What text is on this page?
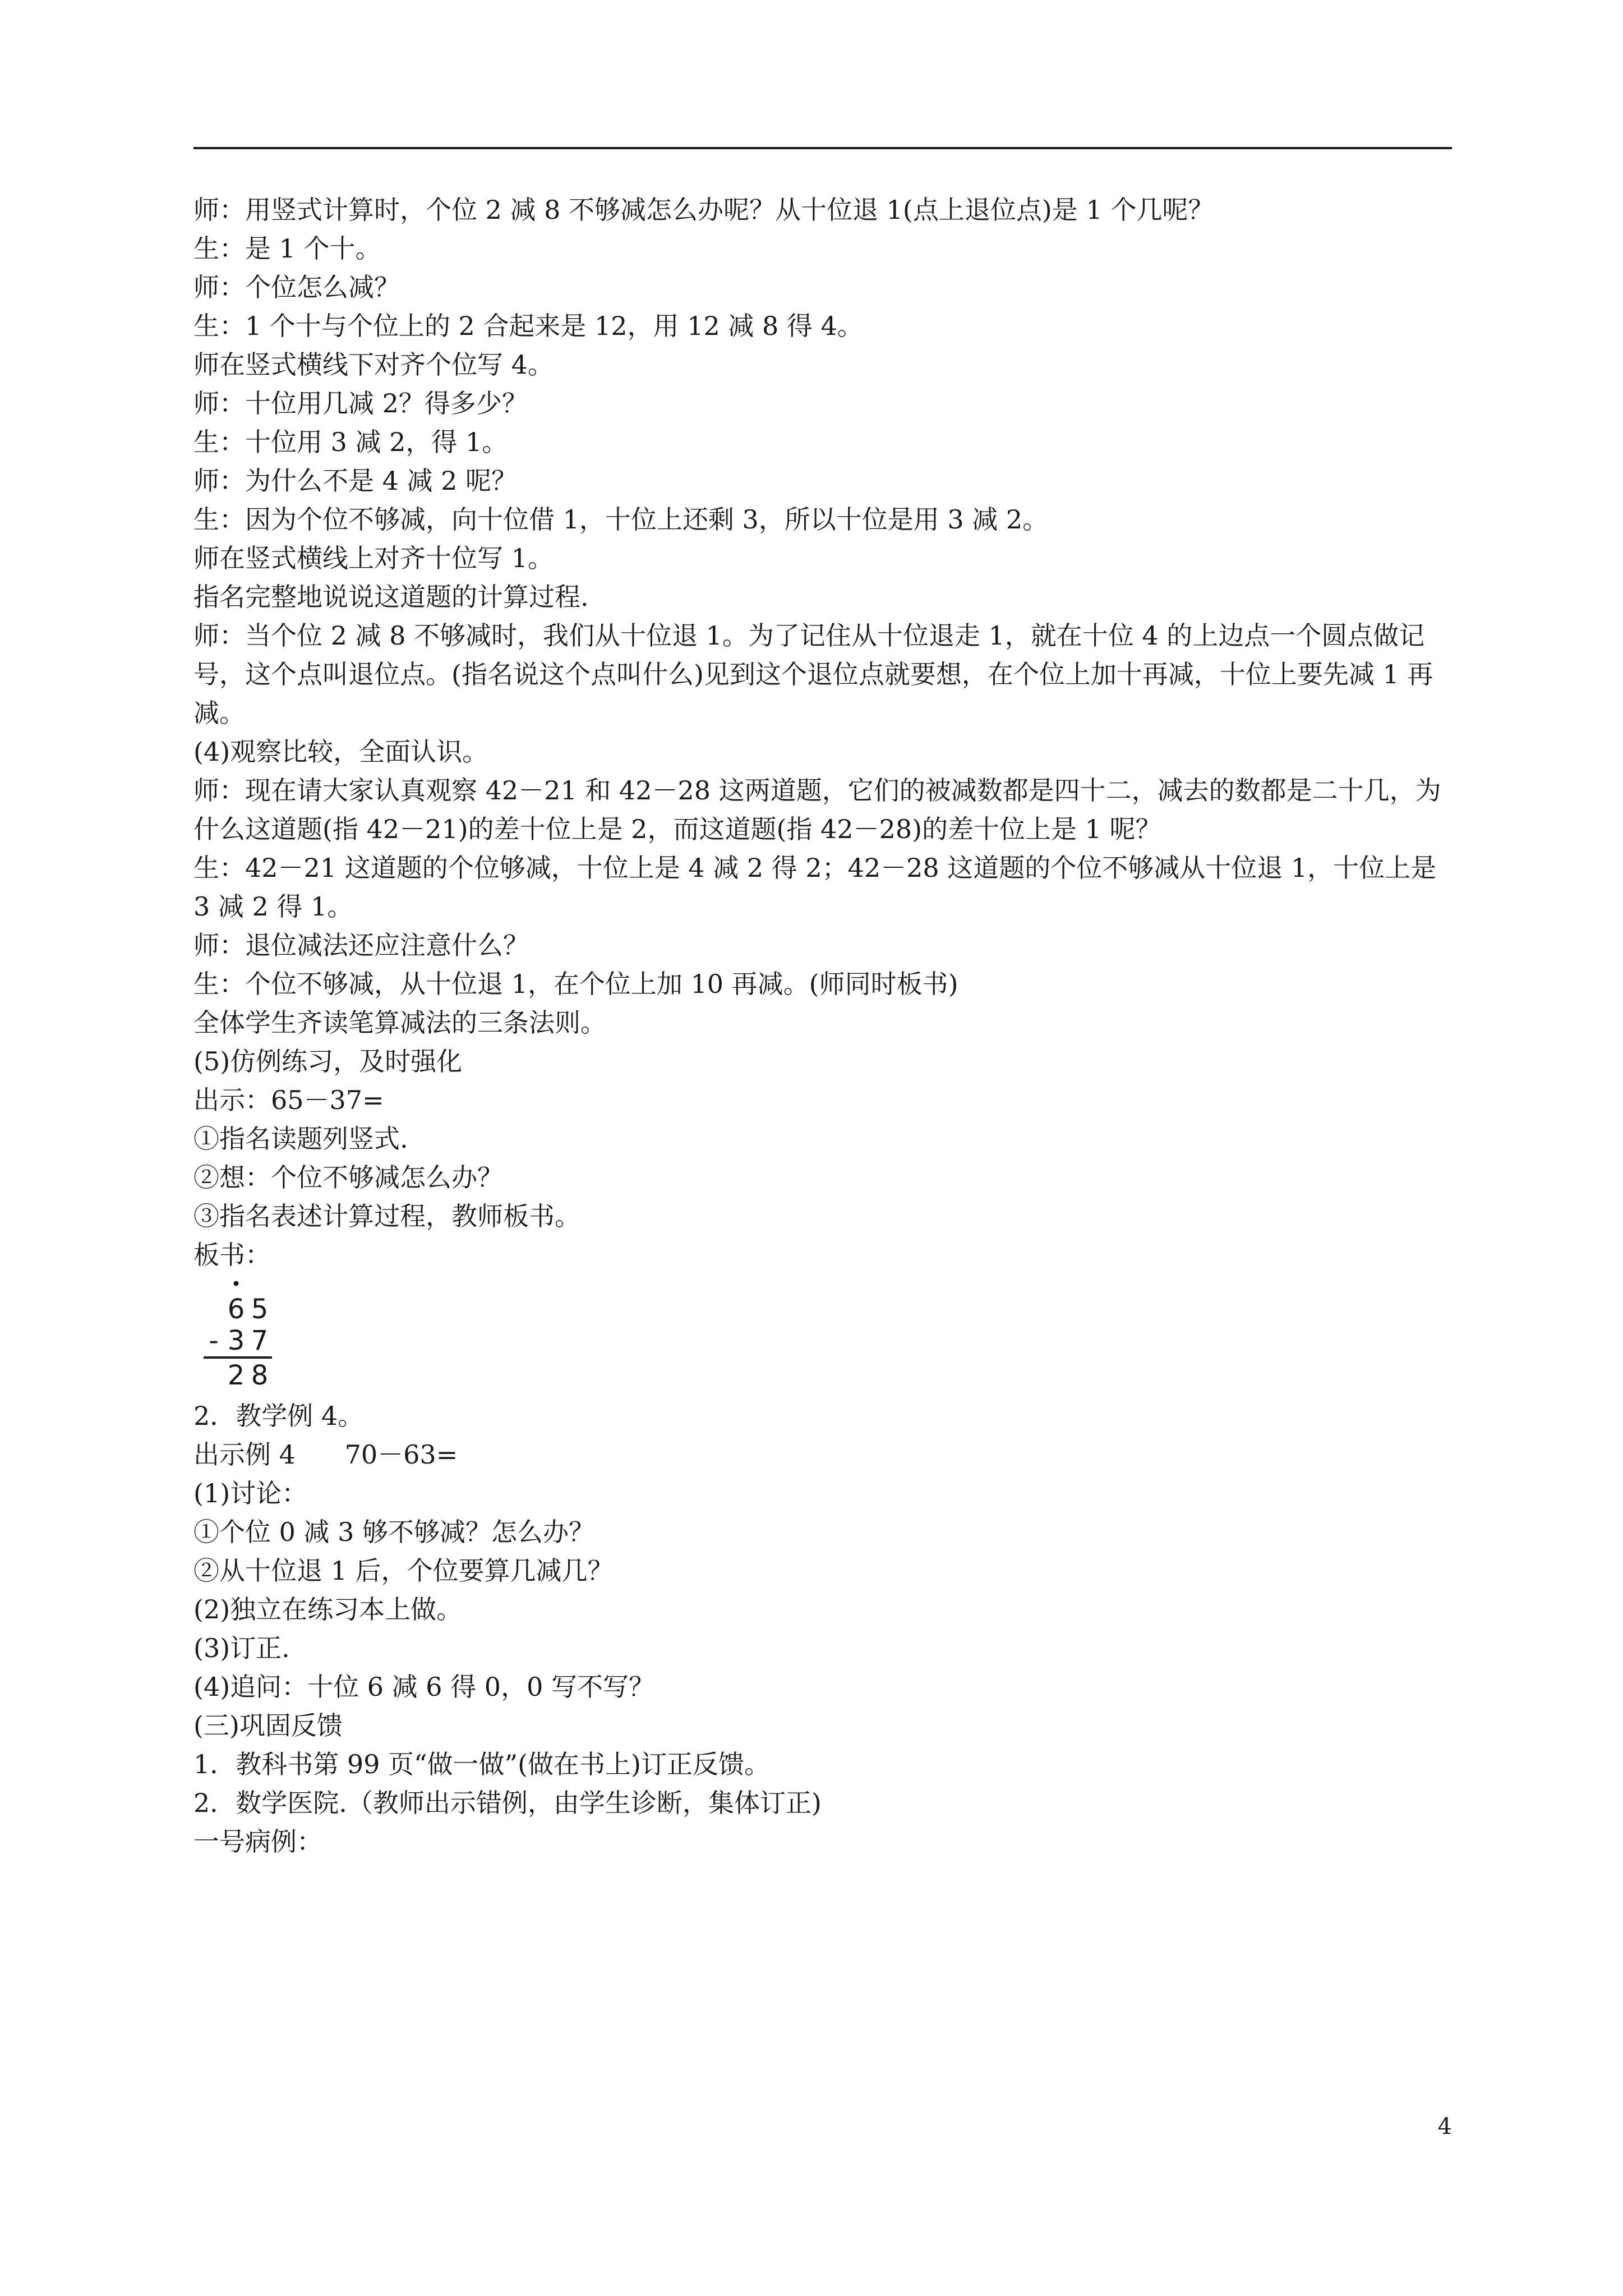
师：用竖式计算时，个位 2 减 8 不够减怎么办呢？从十位退 1(点上退位点)是 1 个几呢？
生：是 1 个十。
师：个位怎么减？
生：1 个十与个位上的 2 合起来是 12，用 12 减 8 得 4。
师在竖式横线下对齐个位写 4。
师：十位用几减 2？得多少？
生：十位用 3 减 2，得 1。
师：为什么不是 4 减 2 呢？
生：因为个位不够减，向十位借 1，十位上还剩 3，所以十位是用 3 减 2。
师在竖式横线上对齐十位写 1。
指名完整地说说这道题的计算过程.
师：当个位 2 减 8 不够减时，我们从十位退 1。为了记住从十位退走 1，就在十位 4 的上边点一个圆点做记号，这个点叫退位点。(指名说这个点叫什么)见到这个退位点就要想，在个位上加十再减，十位上要先减 1 再减。
(4)观察比较，全面认识。
师：现在请大家认真观察 42－21 和 42－28 这两道题，它们的被减数都是四十二，减去的数都是二十几，为什么这道题(指 42－21)的差十位上是 2，而这道题(指 42－28)的差十位上是 1 呢？
生：42－21 这道题的个位够减，十位上是 4 减 2 得 2；42－28 这道题的个位不够减从十位退 1，十位上是 3 减 2 得 1。
师：退位减法还应注意什么？
生：个位不够减，从十位退 1，在个位上加 10 再减。(师同时板书)
全体学生齐读笔算减法的三条法则。
(5)仿例练习，及时强化
出示：65－37=
①指名读题列竖式.
②想：个位不够减怎么办？
③指名表述计算过程，教师板书。
板书：
6 5
- 3 7
2 8
2．教学例 4。
出示例 4      70－63=
(1)讨论：
①个位 0 减 3 够不够减？怎么办？
②从十位退 1 后，个位要算几减几？
(2)独立在练习本上做。
(3)订正.
(4)追问：十位 6 减 6 得 0，0 写不写？
(三)巩固反馈
1．教科书第 99 页“做一做”(做在书上)订正反馈。
2．数学医院.（教师出示错例，由学生诊断，集体订正)
一号病例：
4
